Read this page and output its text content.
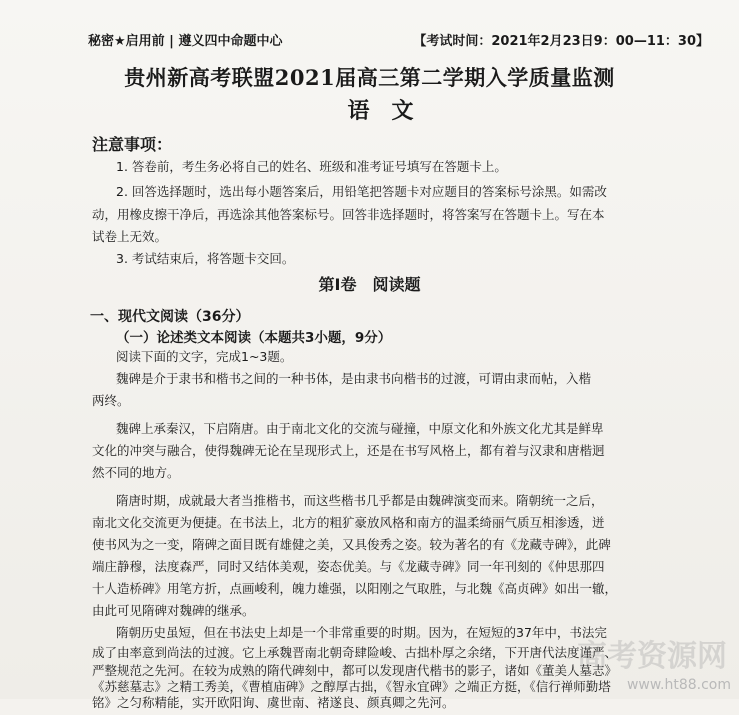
秘密★启用前 | 遵义四中命题中心	【考试时间：2021年2月23日9：00—11：30】
贵州新高考联盟2021届高三第二学期入学质量监测
语文
注意事项：
1. 答卷前，考生务必将自己的姓名、班级和准考证号填写在答题卡上。
2. 回答选择题时，选出每小题答案后，用铅笔把答题卡对应题目的答案标号涂黑。如需改
动，用橡皮擦干净后，再选涂其他答案标号。回答非选择题时，将答案写在答题卡上。写在本
试卷上无效。
3. 考试结束后，将答题卡交回。
第Ⅰ卷　阅读题
一、现代文阅读（36分）
（一）论述类文本阅读（本题共3小题，9分）
阅读下面的文字，完成1~3题。
魏碑是介于隶书和楷书之间的一种书体，是由隶书向楷书的过渡，可谓由隶而帖，入楷
两终。
魏碑上承秦汉，下启隋唐。由于南北文化的交流与碰撞，中原文化和外族文化尤其是鲜卑
文化的冲突与融合，使得魏碑无论在呈现形式上，还是在书写风格上，都有着与汉隶和唐楷迥
然不同的地方。
隋唐时期，成就最大者当推楷书，而这些楷书几乎都是由魏碑演变而来。隋朝统一之后，
南北文化交流更为便捷。在书法上，北方的粗犷豪放风格和南方的温柔绮丽气质互相渗透，迸
使书风为之一变，隋碑之面目既有雄健之美，又具俊秀之姿。较为著名的有《龙藏寺碑》，此碑
端庄静穆，法度森严，同时又结体美观，姿态优美。与《龙藏寺碑》同一年刊刻的《仲思那四
十人造桥碑》用笔方折，点画峻利，魄力雄强，以阳刚之气取胜，与北魏《高贞碑》如出一辙，
由此可见隋碑对魏碑的继承。
隋朝历史虽短，但在书法史上却是一个非常重要的时期。因为，在短短的37年中，书法完
成了由率意到尚法的过渡。它上承魏晋南北朝奇肆险峻、古拙朴厚之余绪，下开唐代法度谨严、
严整规范之先河。在较为成熟的隋代碑刻中，都可以发现唐代楷书的影子，诸如《董美人墓志》
《苏慈墓志》之精工秀美，《曹植庙碑》之醇厚古拙，《智永宜碑》之端正方挺，《信行禅师勤塔
铭》之匀称精能，实开欧阳询、虞世南、褚遂良、颜真卿之先河。
高考资源网
www.ht88.com
